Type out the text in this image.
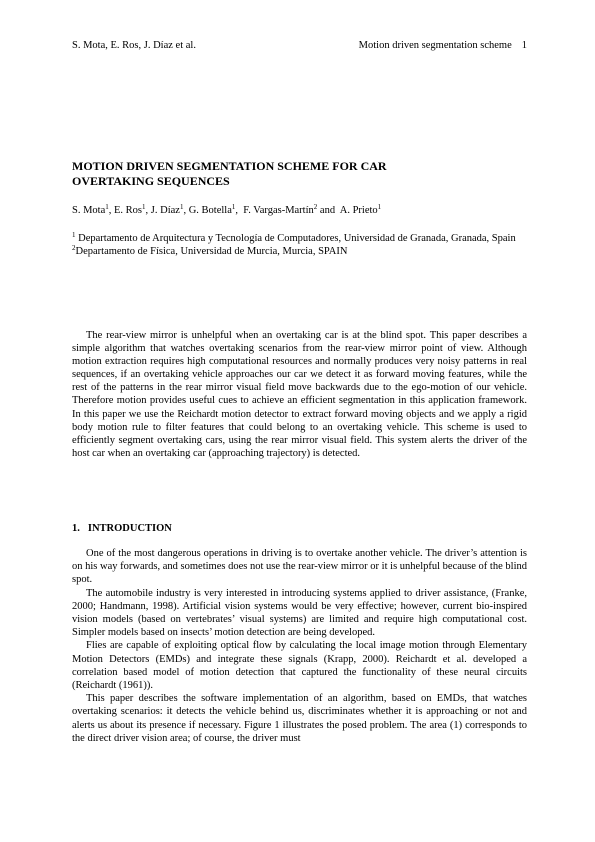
S. Mota, E. Ros, J. Díaz et al.	Motion driven segmentation scheme 1
MOTION DRIVEN SEGMENTATION SCHEME FOR CAR
OVERTAKING SEQUENCES
S. Mota$^1$, E. Ros$^1$, J. Díaz$^1$, G. Botella$^1$,  F. Vargas-Martín$^2$ and  A. Prieto$^1$

$^1$ Departamento de Arquitectura y Tecnología de Computadores, Universidad de Granada, Granada, Spain

$^2$Departamento de Física, Universidad de Murcia, Murcia, SPAIN

The rear-view mirror is unhelpful when an overtaking car is at the blind spot. This paper describes a simple algorithm that watches overtaking scenarios from the rear-view mirror point of view. Although motion extraction requires high computational resources and normally produces very noisy patterns in real sequences, if an overtaking vehicle approaches our car we detect it as forward moving features, while the rest of the patterns in the rear mirror visual field move backwards due to the ego-motion of our vehicle. Therefore motion provides useful cues to achieve an efficient segmentation in this application framework. In this paper we use the Reichardt motion detector to extract forward moving objects and we apply a rigid body motion rule to filter features that could belong to an overtaking vehicle. This scheme is used to efficiently segment overtaking cars, using the rear mirror visual field. This system alerts the driver of the host car when an overtaking car (approaching trajectory) is detected.

1. INTRODUCTION

One of the most dangerous operations in driving is to overtake another vehicle. The driver’s attention is on his way forwards, and sometimes does not use the rear-view mirror or it is unhelpful because of the blind spot.

The automobile industry is very interested in introducing systems applied to driver assistance, (Franke, 2000; Handmann, 1998). Artificial vision systems would be very effective; however, current bio-inspired vision models (based on vertebrates’ visual systems) are limited and require high computational cost. Simpler models based on insects’ motion detection are being developed.

Flies are capable of exploiting optical flow by calculating the local image motion through Elementary Motion Detectors (EMDs) and integrate these signals (Krapp, 2000). Reichardt et al. developed a correlation based model of motion detection that captured the functionality of these neural circuits (Reichardt (1961)).

This paper describes the software implementation of an algorithm, based on EMDs, that watches overtaking scenarios: it detects the vehicle behind us, discriminates whether it is approaching or not and alerts us about its presence if necessary. Figure 1 illustrates the posed problem. The area (1) corresponds to the direct driver vision area; of course, the driver must
